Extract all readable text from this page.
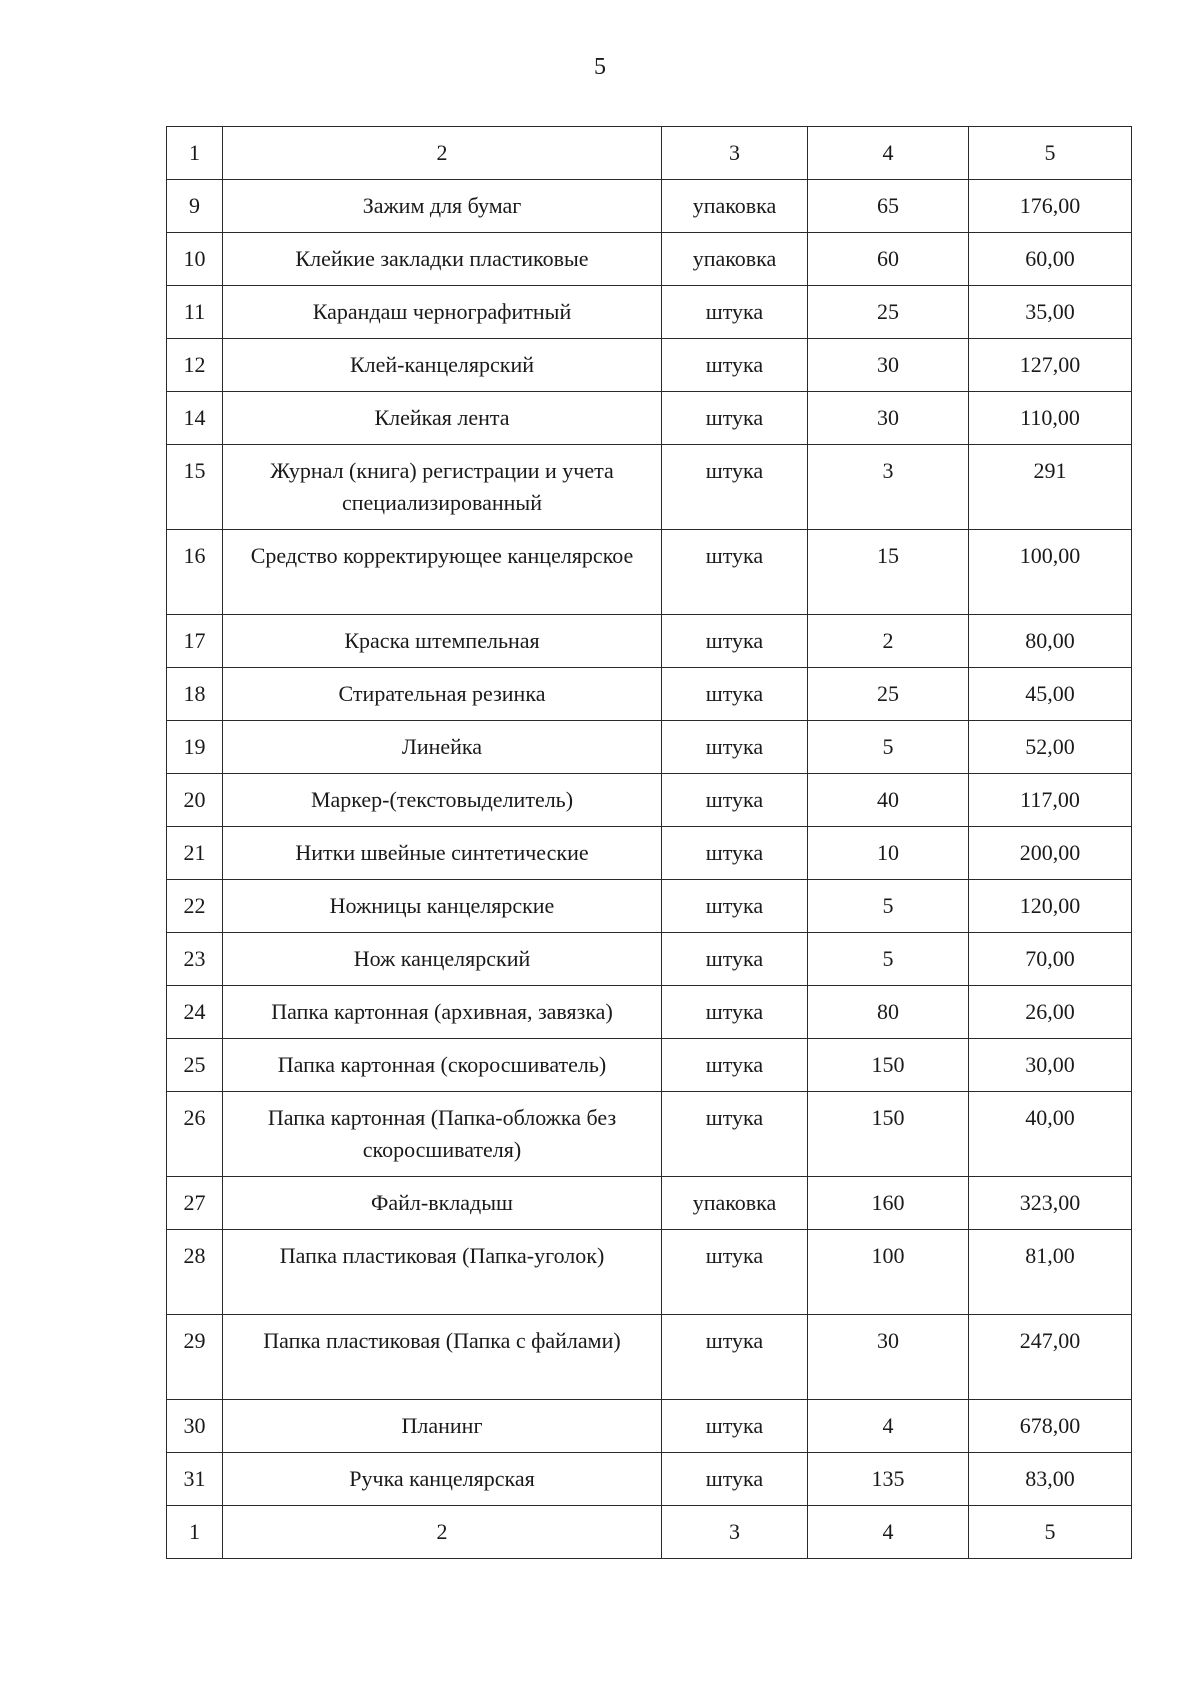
5
1	2	3	4	5

9	Зажим для бумаг	упаковка	65	176,00

10	Клейкие закладки пластиковые	упаковка	60	60,00

11	Карандаш чернографитный	штука	25	35,00

12	Клей-канцелярский	штука	30	127,00

14	Клейкая лента	штука	30	110,00

15	Журнал (книга) регистрации и учета специализированный	штука	3	291

16	Средство корректирующее канцелярское	штука	15	100,00

17	Краска штемпельная	штука	2	80,00

18	Стирательная резинка	штука	25	45,00

19	Линейка	штука	5	52,00

20	Маркер-(текстовыделитель)	штука	40	117,00

21	Нитки швейные синтетические	штука	10	200,00

22	Ножницы канцелярские	штука	5	120,00

23	Нож канцелярский	штука	5	70,00

24	Папка картонная (архивная, завязка)	штука	80	26,00

25	Папка картонная (скоросшиватель)	штука	150	30,00

26	Папка картонная (Папка-обложка без скоросшивателя)	штука	150	40,00

27	Файл-вкладыш	упаковка	160	323,00

28	Папка пластиковая (Папка-уголок)	штука	100	81,00

29	Папка пластиковая (Папка с файлами)	штука	30	247,00

30	Планинг	штука	4	678,00

31	Ручка канцелярская	штука	135	83,00

1	2	3	4	5
